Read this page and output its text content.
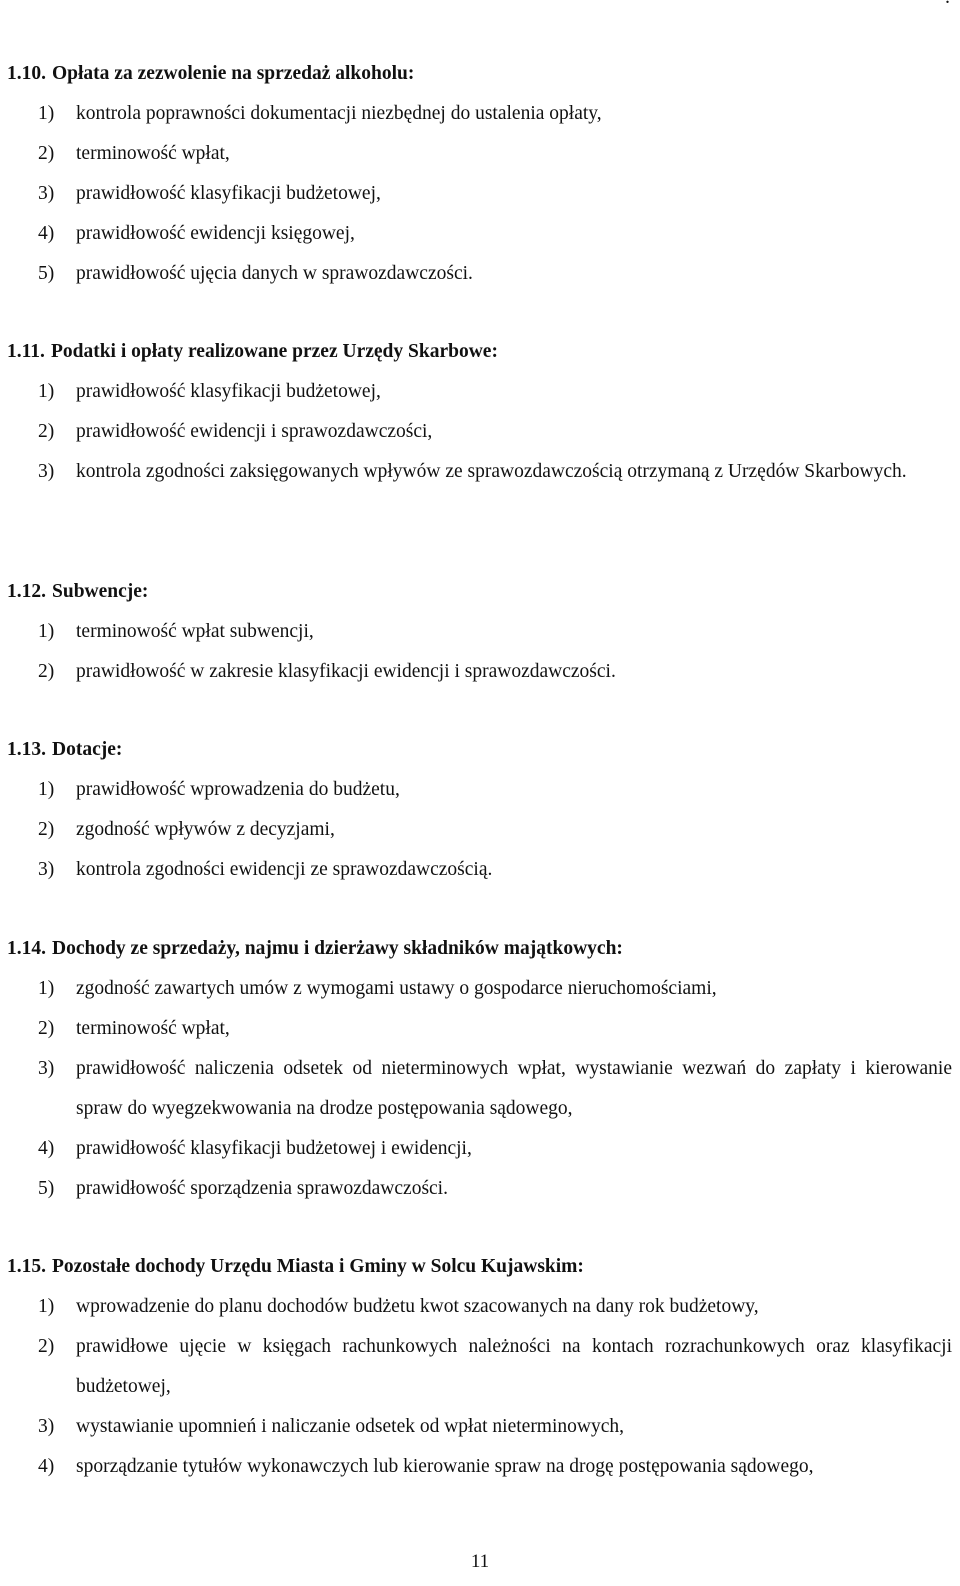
1.10. Opłata za zezwolenie na sprzedaż alkoholu:
1) kontrola poprawności dokumentacji niezbędnej do ustalenia opłaty,
2) terminowość wpłat,
3) prawidłowość klasyfikacji budżetowej,
4) prawidłowość ewidencji księgowej,
5) prawidłowość ujęcia danych w sprawozdawczości.
1.11. Podatki i opłaty realizowane przez Urzędy Skarbowe:
1) prawidłowość klasyfikacji budżetowej,
2) prawidłowość ewidencji i sprawozdawczości,
3) kontrola zgodności zaksięgowanych wpływów ze sprawozdawczością otrzymaną z Urzędów Skarbowych.
1.12. Subwencje:
1) terminowość wpłat subwencji,
2) prawidłowość w zakresie klasyfikacji ewidencji i sprawozdawczości.
1.13. Dotacje:
1) prawidłowość wprowadzenia do budżetu,
2) zgodność wpływów z decyzjami,
3) kontrola zgodności ewidencji ze sprawozdawczością.
1.14. Dochody ze sprzedaży, najmu i dzierżawy składników majątkowych:
1) zgodność zawartych umów z wymogami ustawy o gospodarce nieruchomościami,
2) terminowość wpłat,
3) prawidłowość naliczenia odsetek od nieterminowych wpłat, wystawianie wezwań do zapłaty i kierowanie spraw do wyegzekwowania na drodze postępowania sądowego,
4) prawidłowość klasyfikacji budżetowej i ewidencji,
5) prawidłowość sporządzenia sprawozdawczości.
1.15. Pozostałe dochody Urzędu Miasta i Gminy w Solcu Kujawskim:
1) wprowadzenie do planu dochodów budżetu kwot szacowanych na dany rok budżetowy,
2) prawidłowe ujęcie w księgach rachunkowych należności na kontach rozrachunkowych oraz klasyfikacji budżetowej,
3) wystawianie upomnień i naliczanie odsetek od wpłat nieterminowych,
4) sporządzanie tytułów wykonawczych lub kierowanie spraw na drogę postępowania sądowego,
11
